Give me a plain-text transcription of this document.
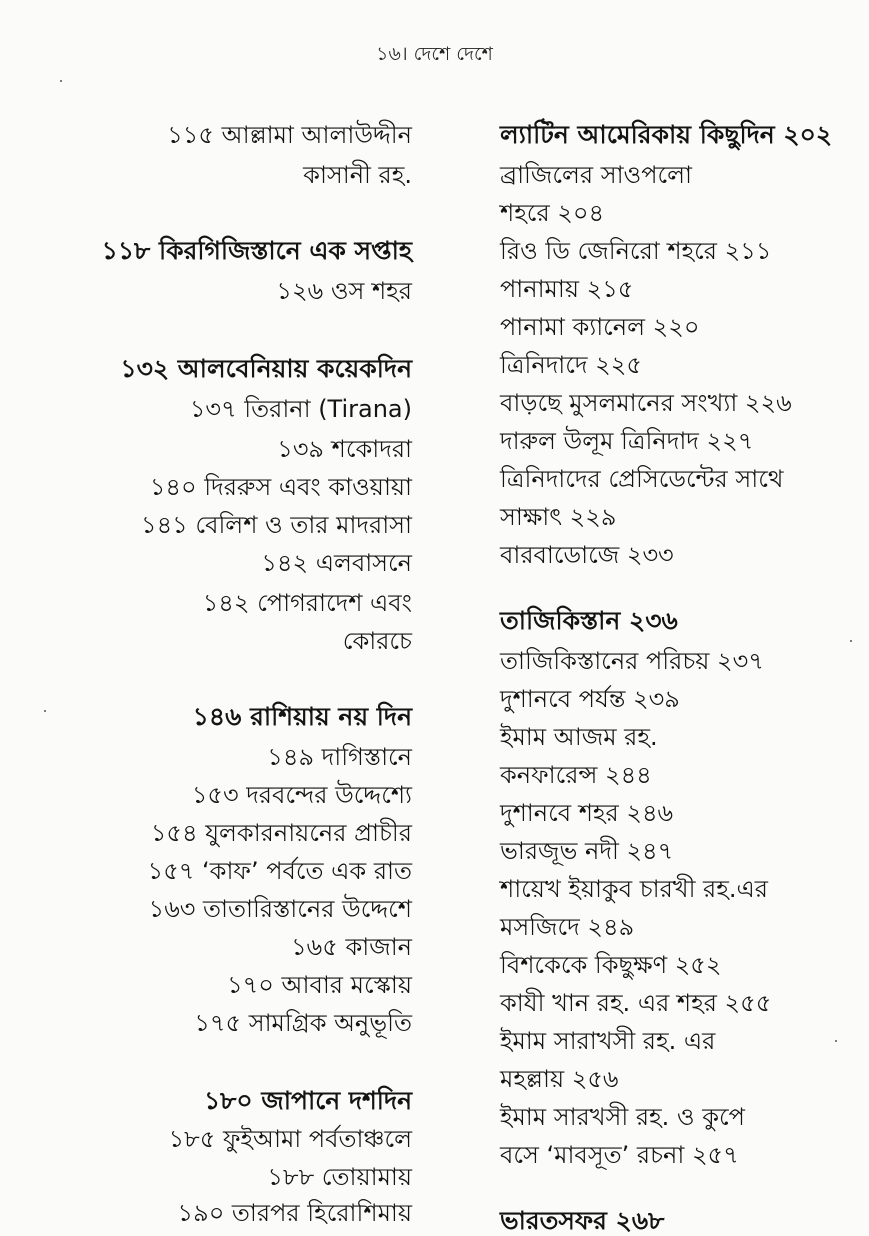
১৬। দেশে দেশে
১১৫ আল্লামা আলাউদ্দীন
কাসানী রহ.
১১৮ কিরগিজিস্তানে এক সপ্তাহ
১২৬ ওস শহর
১৩২ আলবেনিয়ায় কয়েকদিন
১৩৭ তিরানা (Tirana)
১৩৯ শকোদরা
১৪০ দিররুস এবং কাওয়ায়া
১৪১ বেলিশ ও তার মাদরাসা
১৪২ এলবাসনে
১৪২ পোগরাদেশ এবং
কোরচে
১৪৬ রাশিয়ায় নয় দিন
১৪৯ দাগিস্তানে
১৫৩ দরবন্দের উদ্দেশ্যে
১৫৪ যুলকারনায়নের প্রাচীর
১৫৭ ‘কাফ’ পর্বতে এক রাত
১৬৩ তাতারিস্তানের উদ্দেশে
১৬৫ কাজান
১৭০ আবার মস্কোয়
১৭৫ সামগ্রিক অনুভূতি
১৮০ জাপানে দশদিন
১৮৫ ফুইআমা পর্বতাঞ্চলে
১৮৮ তোয়ামায়
১৯০ তারপর হিরোশিমায়
ল্যাটিন আমেরিকায় কিছুদিন ২০২
ব্রাজিলের সাওপলো
শহরে ২০৪
রিও ডি জেনিরো শহরে ২১১
পানামায় ২১৫
পানামা ক্যানেল ২২০
ত্রিনিদাদে ২২৫
বাড়ছে মুসলমানের সংখ্যা ২২৬
দারুল উলূম ত্রিনিদাদ ২২৭
ত্রিনিদাদের প্রেসিডেন্টের সাথে
সাক্ষাৎ ২২৯
বারবাডোজে ২৩৩
তাজিকিস্তান ২৩৬
তাজিকিস্তানের পরিচয় ২৩৭
দুশানবে পর্যন্ত ২৩৯
ইমাম আজম রহ.
কনফারেন্স ২৪৪
দুশানবে শহর ২৪৬
ভারজূভ নদী ২৪৭
শায়েখ ইয়াকুব চারখী রহ.এর
মসজিদে ২৪৯
বিশকেকে কিছুক্ষণ ২৫২
কাযী খান রহ. এর শহর ২৫৫
ইমাম সারাখসী রহ. এর
মহল্লায় ২৫৬
ইমাম সারখসী রহ. ও কুপে
বসে ‘মাবসূত’ রচনা ২৫৭
ভারতসফর ২৬৮
